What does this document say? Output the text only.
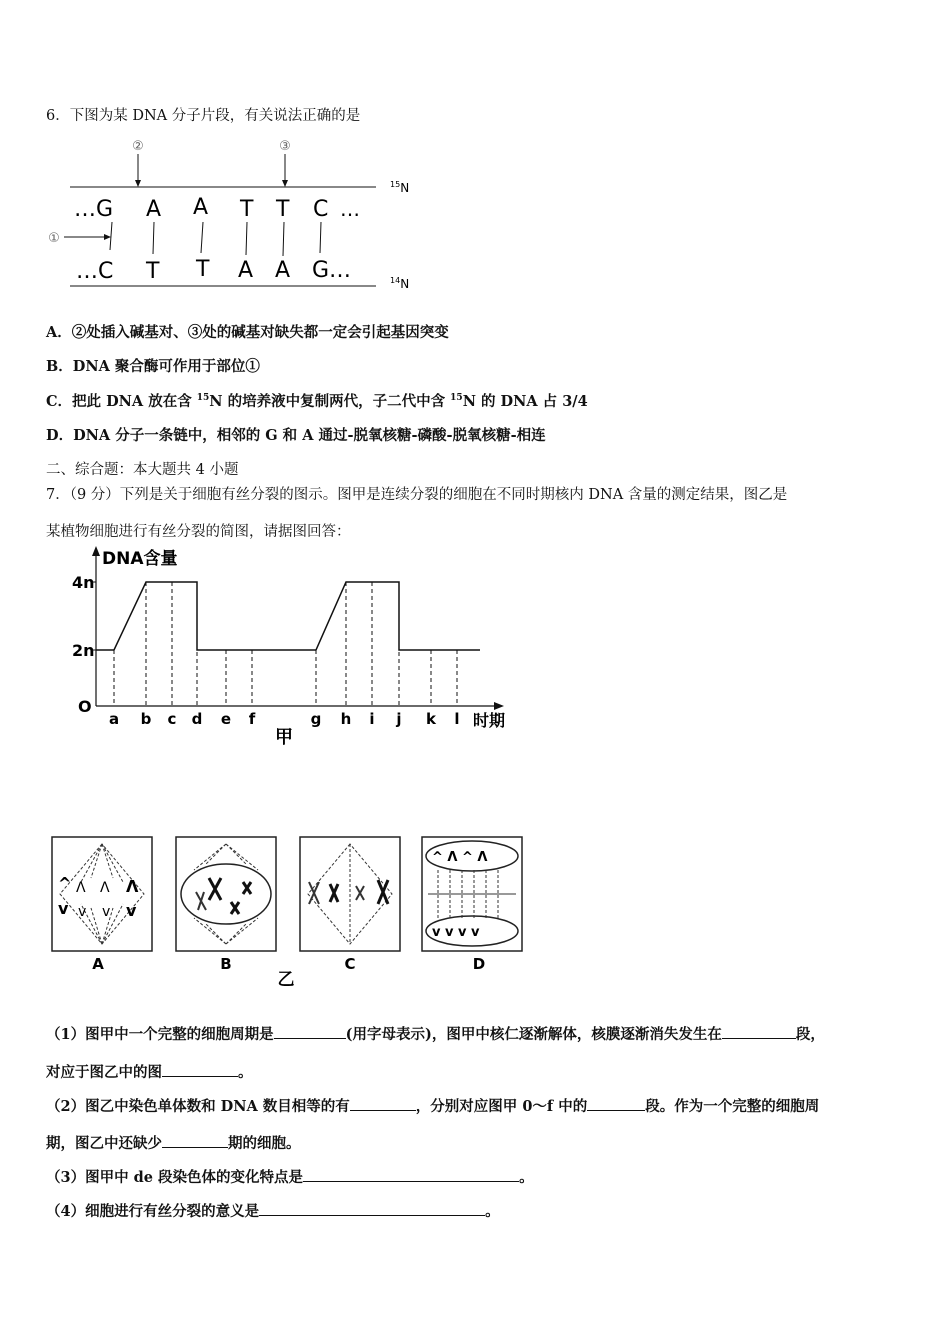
6．下图为某 DNA 分子片段，有关说法正确的是
②	③
①
…G A A T T C …
…C T T A A G…
$^{15}$N
$^{14}$N
A．②处插入碱基对、③处的碱基对缺失都一定会引起基因突变
B．DNA 聚合酶可作用于部位①
C．把此 DNA 放在含 $^{15}$N 的培养液中复制两代，子二代中含 $^{15}$N 的 DNA 占 3/4
D．DNA 分子一条链中，相邻的 G 和 A 通过-脱氧核糖-磷酸-脱氧核糖-相连
二、综合题：本大题共 4 小题
7．（9 分）下列是关于细胞有丝分裂的图示。图甲是连续分裂的细胞在不同时期核内 DNA 含量的测定结果，图乙是
某植物细胞进行有丝分裂的简图，请据图回答：
DNA含量
4n
2n
O
时期
甲
a b c d e f	g h i j k l
^ ᐱ ᐱ ᐱ
v v v v
^ ᐱ ^ ᐱ
v v v v
A	B	C	D
乙
（1）图甲中一个完整的细胞周期是	(用字母表示)，图甲中核仁逐渐解体，核膜逐渐消失发生在	段，
对应于图乙中的图	。
（2）图乙中染色单体数和 DNA 数目相等的有	，分别对应图甲 0～f 中的	段。作为一个完整的细胞周
期，图乙中还缺少	期的细胞。
（3）图甲中 de 段染色体的变化特点是	。
（4）细胞进行有丝分裂的意义是	。
